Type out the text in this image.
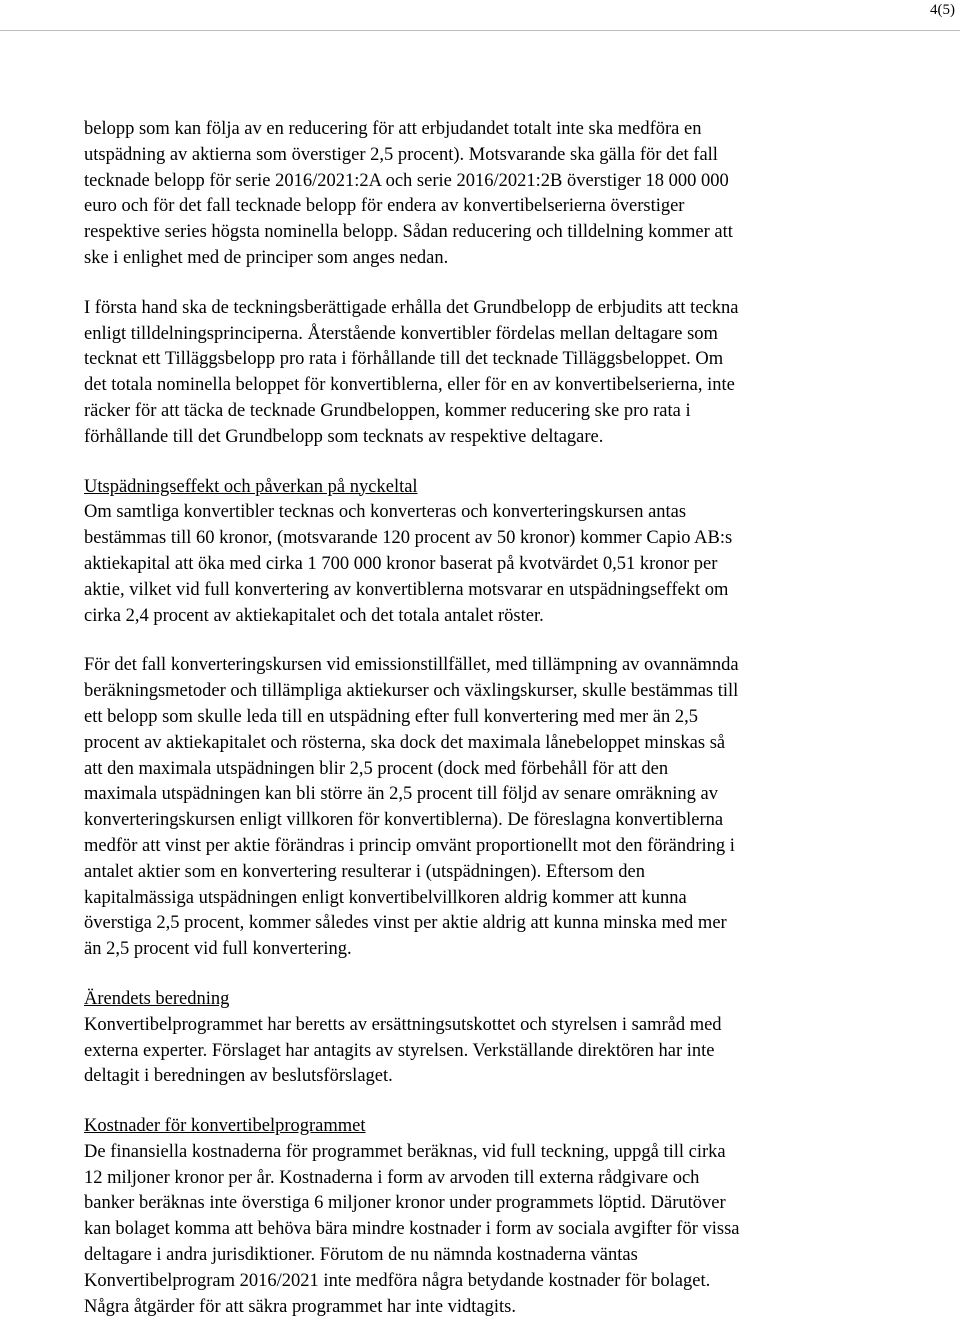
4(5)
belopp som kan följa av en reducering för att erbjudandet totalt inte ska medföra en
utspädning av aktierna som överstiger 2,5 procent). Motsvarande ska gälla för det fall
tecknade belopp för serie 2016/2021:2A och serie 2016/2021:2B överstiger 18 000 000
euro och för det fall tecknade belopp för endera av konvertibelserierna överstiger
respektive series högsta nominella belopp. Sådan reducering och tilldelning kommer att
ske i enlighet med de principer som anges nedan.
I första hand ska de teckningsberättigade erhålla det Grundbelopp de erbjudits att teckna
enligt tilldelningsprinciperna. Återstående konvertibler fördelas mellan deltagare som
tecknat ett Tilläggsbelopp pro rata i förhållande till det tecknade Tilläggsbeloppet. Om
det totala nominella beloppet för konvertiblerna, eller för en av konvertibelserierna, inte
räcker för att täcka de tecknade Grundbeloppen, kommer reducering ske pro rata i
förhållande till det Grundbelopp som tecknats av respektive deltagare.
Utspädningseffekt och påverkan på nyckeltal
Om samtliga konvertibler tecknas och konverteras och konverteringskursen antas
bestämmas till 60 kronor, (motsvarande 120 procent av 50 kronor) kommer Capio AB:s
aktiekapital att öka med cirka 1 700 000 kronor baserat på kvotvärdet 0,51 kronor per
aktie, vilket vid full konvertering av konvertiblerna motsvarar en utspädningseffekt om
cirka 2,4 procent av aktiekapitalet och det totala antalet röster.
För det fall konverteringskursen vid emissionstillfället, med tillämpning av ovannämnda
beräkningsmetoder och tillämpliga aktiekurser och växlingskurser, skulle bestämmas till
ett belopp som skulle leda till en utspädning efter full konvertering med mer än 2,5
procent av aktiekapitalet och rösterna, ska dock det maximala lånebeloppet minskas så
att den maximala utspädningen blir 2,5 procent (dock med förbehåll för att den
maximala utspädningen kan bli större än 2,5 procent till följd av senare omräkning av
konverteringskursen enligt villkoren för konvertiblerna). De föreslagna konvertiblerna
medför att vinst per aktie förändras i princip omvänt proportionellt mot den förändring i
antalet aktier som en konvertering resulterar i (utspädningen). Eftersom den
kapitalmässiga utspädningen enligt konvertibelvillkoren aldrig kommer att kunna
överstiga 2,5 procent, kommer således vinst per aktie aldrig att kunna minska med mer
än 2,5 procent vid full konvertering.
Ärendets beredning
Konvertibelprogrammet har beretts av ersättningsutskottet och styrelsen i samråd med
externa experter. Förslaget har antagits av styrelsen. Verkställande direktören har inte
deltagit i beredningen av beslutsförslaget.
Kostnader för konvertibelprogrammet
De finansiella kostnaderna för programmet beräknas, vid full teckning, uppgå till cirka
12 miljoner kronor per år. Kostnaderna i form av arvoden till externa rådgivare och
banker beräknas inte överstiga 6 miljoner kronor under programmets löptid. Därutöver
kan bolaget komma att behöva bära mindre kostnader i form av sociala avgifter för vissa
deltagare i andra jurisdiktioner. Förutom de nu nämnda kostnaderna väntas
Konvertibelprogram 2016/2021 inte medföra några betydande kostnader för bolaget.
Några åtgärder för att säkra programmet har inte vidtagits.
